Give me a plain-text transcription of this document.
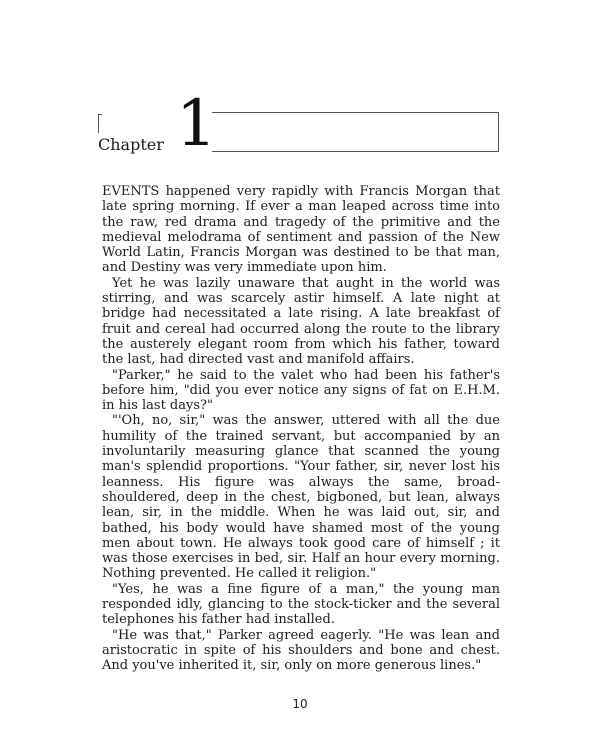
Chapter 1

EVENTS happened very rapidly with Francis Morgan that late spring morning. If ever a man leaped across time into the raw, red drama and tragedy of the primitive and the medieval melodrama of sentiment and passion of the New World Latin, Francis Morgan was destined to be that man, and Destiny was very immediate upon him.

Yet he was lazily unaware that aught in the world was stirring, and was scarcely astir himself. A late night at bridge had necessitated a late rising. A late breakfast of fruit and cereal had occurred along the route to the library the austerely elegant room from which his father, toward the last, had directed vast and manifold affairs.

"Parker," he said to the valet who had been his father's before him, "did you ever notice any signs of fat on E.H.M. in his last days?"

"'Oh, no, sir," was the answer, uttered with all the due humility of the trained servant, but accompanied by an involuntarily measuring glance that scanned the young man's splendid proportions. "Your father, sir, never lost his leanness. His figure was always the same, broad-shouldered, deep in the chest, bigboned, but lean, always lean, sir, in the middle. When he was laid out, sir, and bathed, his body would have shamed most of the young men about town. He always took good care of himself ; it was those exercises in bed, sir. Half an hour every morning. Nothing prevented. He called it religion."

"Yes, he was a fine figure of a man," the young man responded idly, glancing to the stock-ticker and the several telephones his father had installed.

"He was that," Parker agreed eagerly. "He was lean and aristocratic in spite of his shoulders and bone and chest. And you've inherited it, sir, only on more generous lines."

10
